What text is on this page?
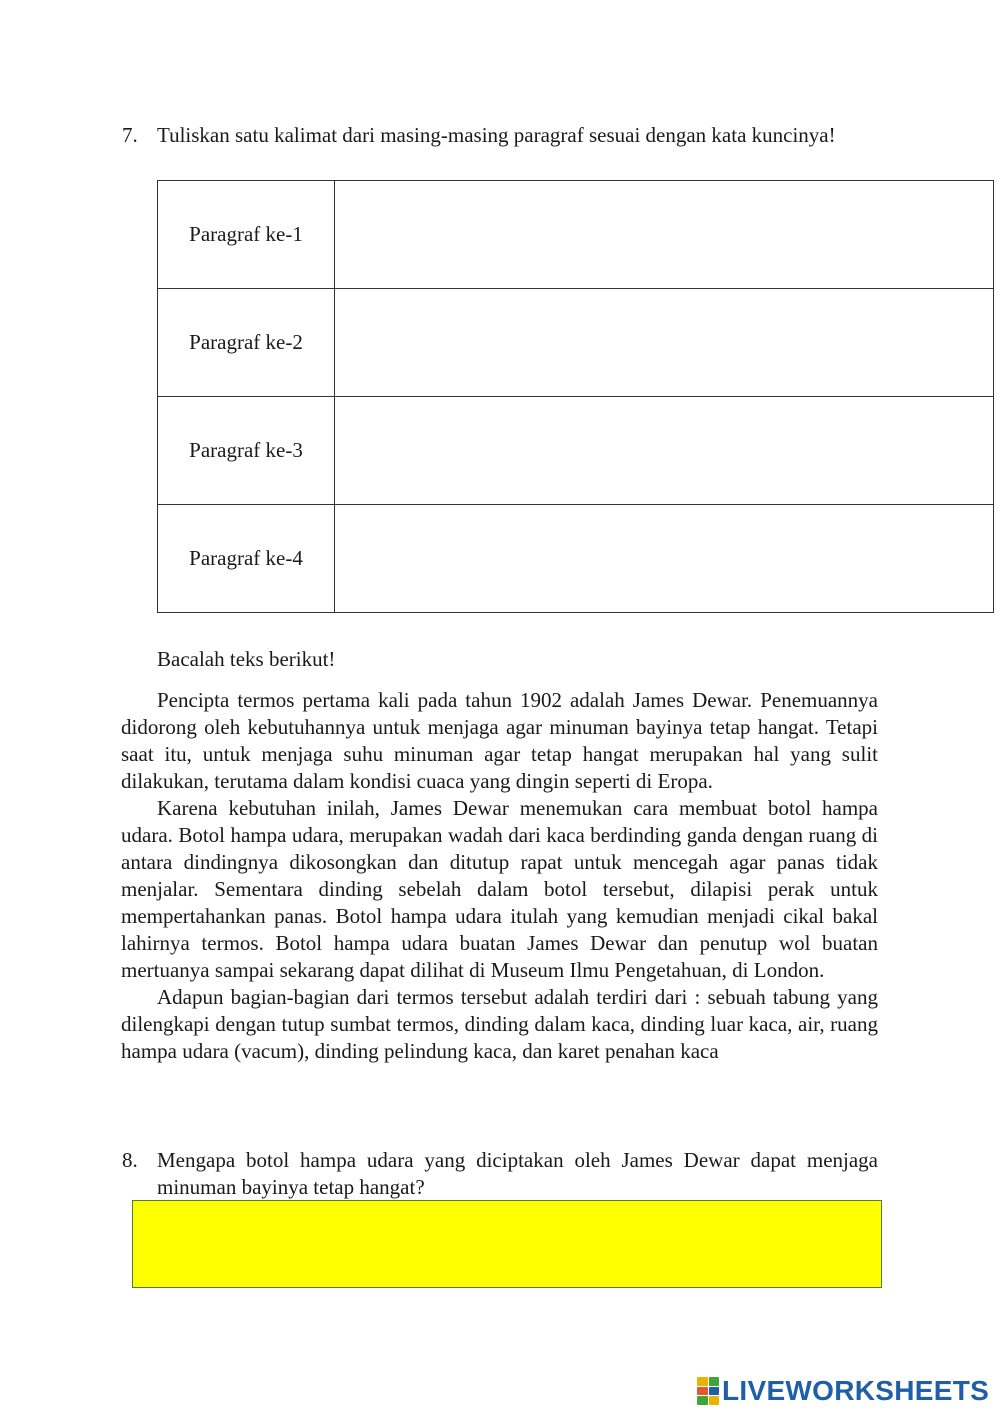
7. Tuliskan satu kalimat dari masing-masing paragraf sesuai dengan kata kuncinya!
Paragraf ke-1	
Paragraf ke-2	
Paragraf ke-3	
Paragraf ke-4	
Bacalah teks berikut!

Pencipta termos pertama kali pada tahun 1902 adalah James Dewar. Penemuannya didorong oleh kebutuhannya untuk menjaga agar minuman bayinya tetap hangat. Tetapi saat itu, untuk menjaga suhu minuman agar tetap hangat merupakan hal yang sulit dilakukan, terutama dalam kondisi cuaca yang dingin seperti di Eropa.

Karena kebutuhan inilah, James Dewar menemukan cara membuat botol hampa udara. Botol hampa udara, merupakan wadah dari kaca berdinding ganda dengan ruang di antara dindingnya dikosongkan dan ditutup rapat untuk mencegah agar panas tidak menjalar. Sementara dinding sebelah dalam botol tersebut, dilapisi perak untuk mempertahankan panas. Botol hampa udara itulah yang kemudian menjadi cikal bakal lahirnya termos. Botol hampa udara buatan James Dewar dan penutup wol buatan mertuanya sampai sekarang dapat dilihat di Museum Ilmu Pengetahuan, di London.

Adapun bagian-bagian dari termos tersebut adalah terdiri dari : sebuah tabung yang dilengkapi dengan tutup sumbat termos, dinding dalam kaca, dinding luar kaca, air, ruang hampa udara (vacum), dinding pelindung kaca, dan karet penahan kaca

8. Mengapa botol hampa udara yang diciptakan oleh James Dewar dapat menjaga minuman bayinya tetap hangat?
LIVEWORKSHEETS
